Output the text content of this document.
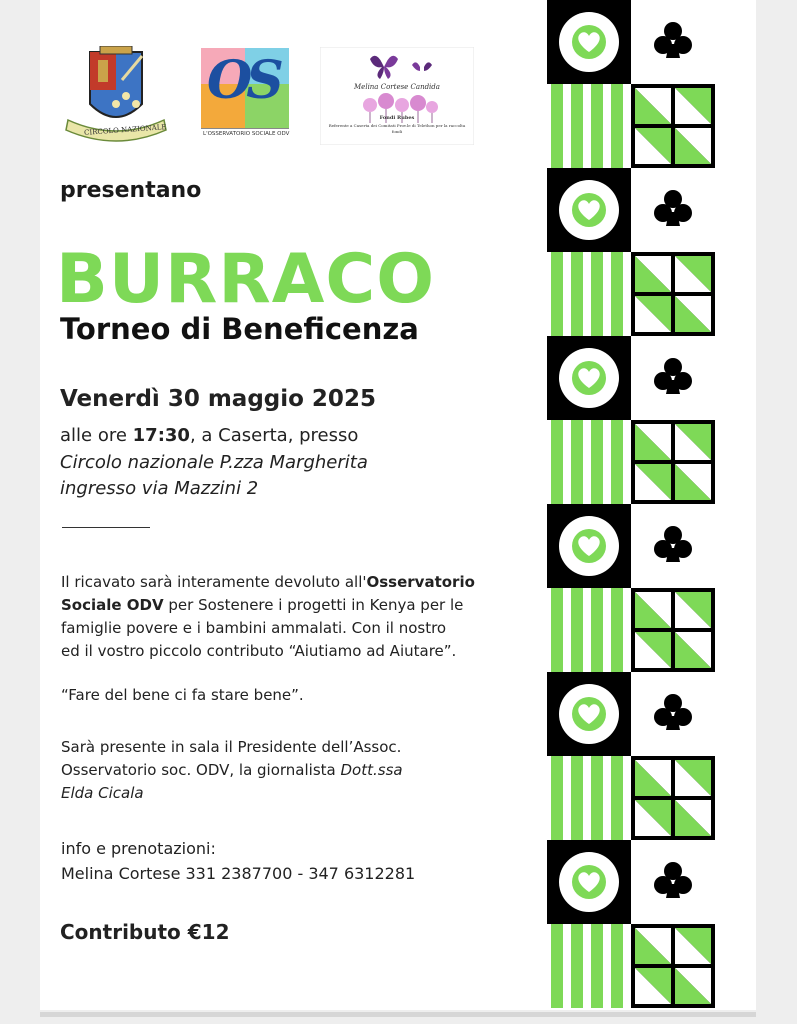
CIRCOLO NAZIONALE
OS
L'OSSERVATORIO SOCIALE ODV
Melina Cortese Candida
Fondi Rubes
Referente a Caserta dei Comitati Prov.le di Telethon per la raccolta fondi
presentano
BURRACO
Torneo di Beneficenza
Venerdì 30 maggio 2025
alle ore 17:30, a Caserta, presso
Circolo nazionale P.zza Margherita
ingresso via Mazzini 2
Il ricavato sarà interamente devoluto all'Osservatorio
Sociale ODV per Sostenere i progetti in Kenya per le
famiglie povere e i bambini ammalati. Con il nostro
ed il vostro piccolo contributo “Aiutiamo ad Aiutare”.
“Fare del bene ci fa stare bene”.
Sarà presente in sala il Presidente dell’Assoc.
Osservatorio soc. ODV, la giornalista Dott.ssa
Elda Cicala
info e prenotazioni:
Melina Cortese 331 2387700 - 347 6312281
Contributo €12
